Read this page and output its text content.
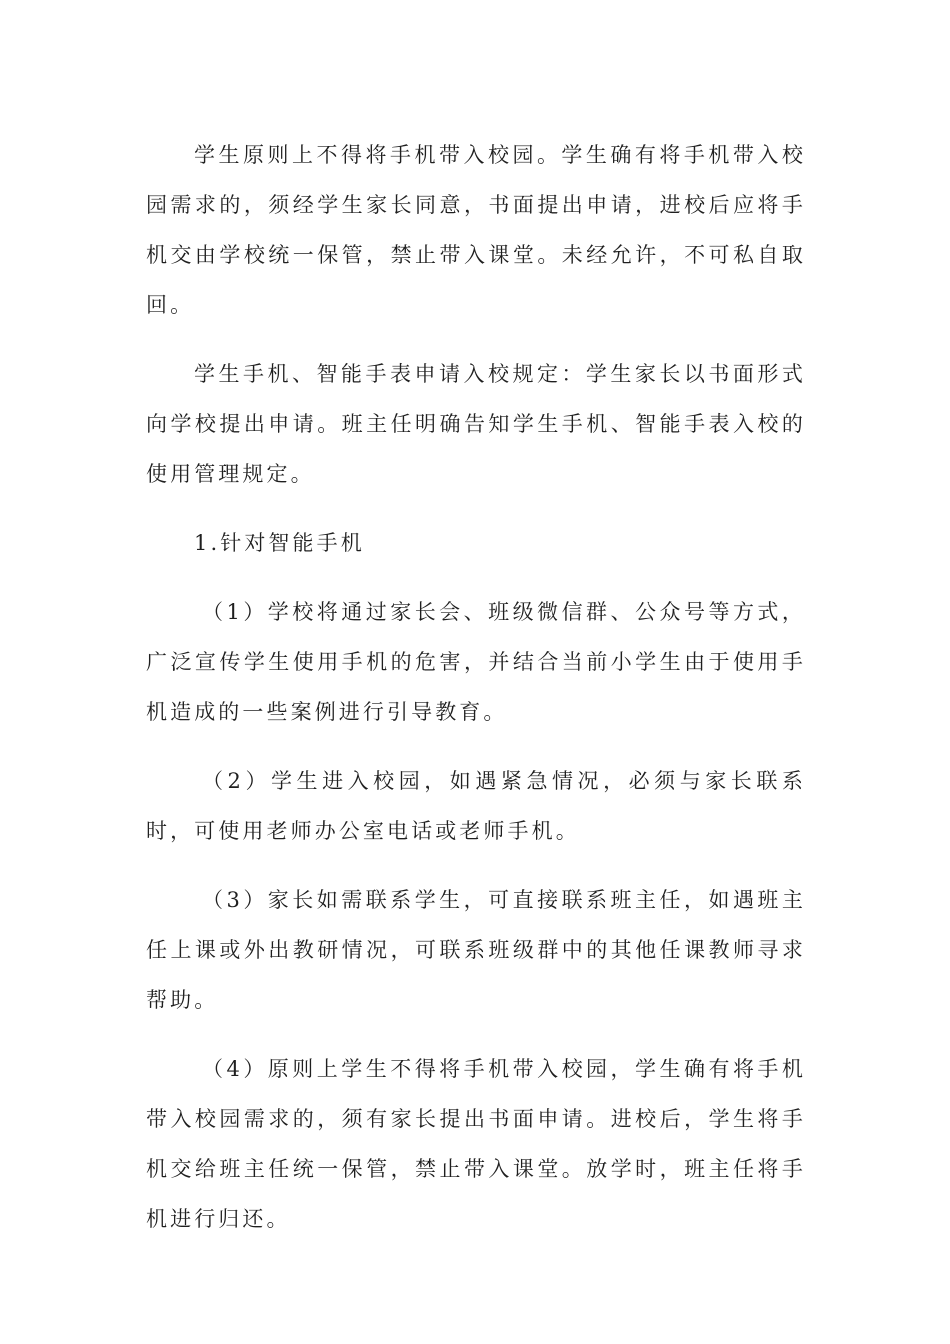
学生原则上不得将手机带入校园。学生确有将手机带入校园需求的，须经学生家长同意，书面提出申请，进校后应将手机交由学校统一保管，禁止带入课堂。未经允许，不可私自取回。

学生手机、智能手表申请入校规定：学生家长以书面形式向学校提出申请。班主任明确告知学生手机、智能手表入校的使用管理规定。

1.针对智能手机

（1）学校将通过家长会、班级微信群、公众号等方式，广泛宣传学生使用手机的危害，并结合当前小学生由于使用手机造成的一些案例进行引导教育。

（2）学生进入校园，如遇紧急情况，必须与家长联系时，可使用老师办公室电话或老师手机。

（3）家长如需联系学生，可直接联系班主任，如遇班主任上课或外出教研情况，可联系班级群中的其他任课教师寻求帮助。

（4）原则上学生不得将手机带入校园，学生确有将手机带入校园需求的，须有家长提出书面申请。进校后，学生将手机交给班主任统一保管，禁止带入课堂。放学时，班主任将手机进行归还。
